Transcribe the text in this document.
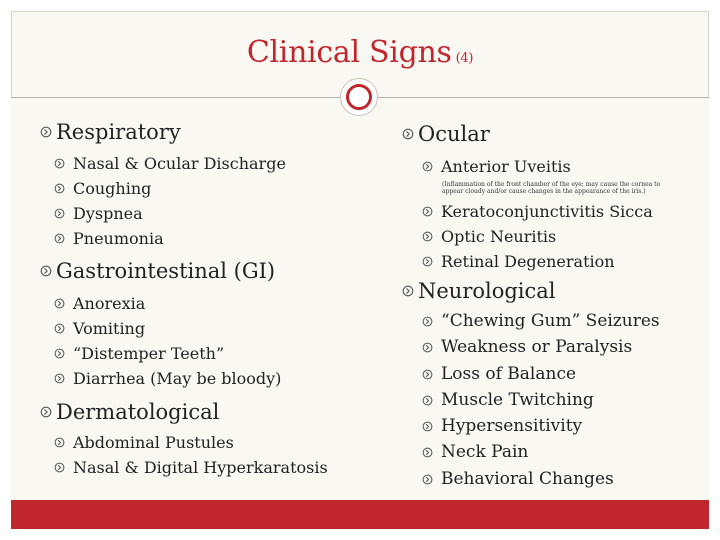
Clinical Signs (4)

Respiratory

Nasal & Ocular Discharge
Coughing
Dyspnea
Pneumonia

Gastrointestinal (GI)

Anorexia
Vomiting
“Distemper Teeth”
Diarrhea (May be bloody)

Dermatological

Abdominal Pustules
Nasal & Digital Hyperkaratosis

Ocular

Anterior Uveitis
(Inflammation of the front chamber of the eye; may cause the cornea to appear cloudy and/or cause changes in the appearance of the iris.)
Keratoconjunctivitis Sicca
Optic Neuritis
Retinal Degeneration

Neurological

“Chewing Gum” Seizures
Weakness or Paralysis
Loss of Balance
Muscle Twitching
Hypersensitivity
Neck Pain
Behavioral Changes
